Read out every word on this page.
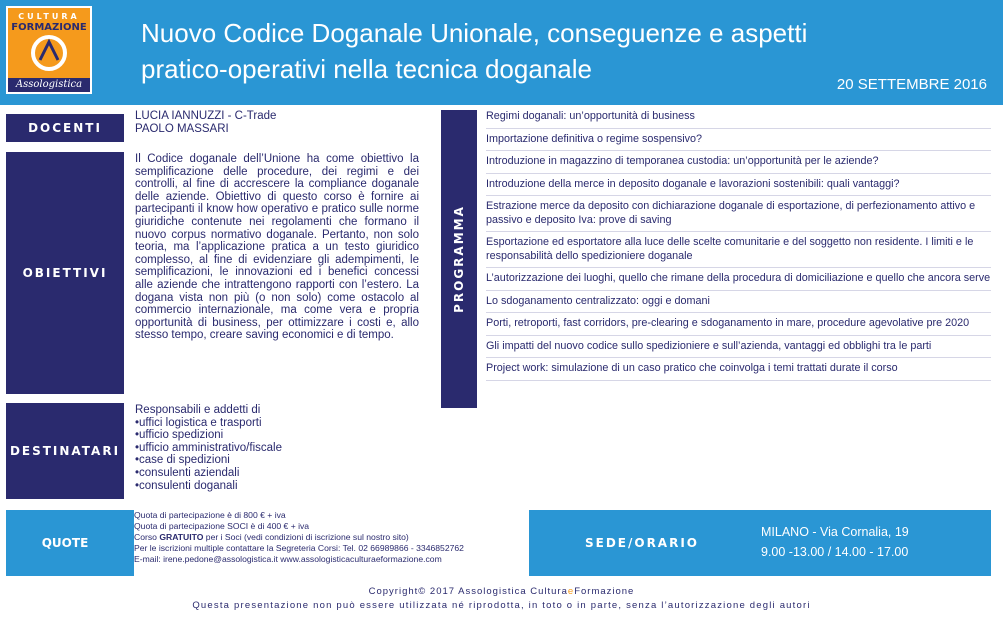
CULTURA
FORMAZIONE
Assologistica
Nuovo Codice Doganale Unionale, conseguenze e aspetti
pratico-operativi nella tecnica doganale
20 SETTEMBRE 2016
DOCENTI
LUCIA IANNUZZI - C-Trade
PAOLO MASSARI
OBIETTIVI
Il Codice doganale dell’Unione ha come obiettivo la semplificazione delle procedure, dei regimi e dei controlli, al fine di accrescere la compliance doganale delle aziende. Obiettivo di questo corso è fornire ai partecipanti il know how operativo e pratico sulle norme giuridiche contenute nei regolamenti che formano il nuovo corpus normativo doganale. Pertanto, non solo teoria, ma l’applicazione pratica a un testo giuridico complesso, al fine di evidenziare gli adempimenti, le semplificazioni, le innovazioni ed i benefici concessi alle aziende che intrattengono rapporti con l’estero. La dogana vista non più (o non solo) come ostacolo al commercio internazionale, ma come vera e propria opportunità di business, per ottimizzare i costi e, allo stesso tempo, creare saving economici e di tempo.
DESTINATARI
Responsabili e addetti di
• uffici logistica e trasporti
• ufficio spedizioni
• ufficio amministrativo/fiscale
• case di spedizioni
• consulenti aziendali
• consulenti doganali
PROGRAMMA
Regimi doganali: un’opportunità di business
Importazione definitiva o regime sospensivo?
Introduzione in magazzino di temporanea custodia: un’opportunità per le aziende?
Introduzione della merce in deposito doganale e lavorazioni sostenibili: quali vantaggi?
Estrazione merce da deposito con dichiarazione doganale di esportazione, di perfezionamento attivo e passivo e deposito Iva: prove di saving
Esportazione ed esportatore alla luce delle scelte comunitarie e del soggetto non residente. I limiti e le responsabilità dello spedizioniere doganale
L’autorizzazione dei luoghi, quello che rimane della procedura di domiciliazione e quello che ancora serve
Lo sdoganamento centralizzato: oggi e domani
Porti, retroporti, fast corridors, pre-clearing e sdoganamento in mare, procedure agevolative pre 2020
Gli impatti del nuovo codice sullo spedizioniere e sull’azienda, vantaggi ed obblighi tra le parti
Project work: simulazione di un caso pratico che coinvolga i temi trattati durate il corso
QUOTE
Quota di partecipazione è di 800 € + iva
Quota di partecipazione SOCI è di 400 € + iva
Corso GRATUITO per i Soci (vedi condizioni di iscrizione sul nostro sito)
Per le iscrizioni multiple contattare la Segreteria Corsi: Tel. 02 66989866 - 3346852762
E-mail: irene.pedone@assologistica.it www.assologisticacultura​eformazione.com
SEDE/ORARIO
MILANO - Via Cornalia, 19
9.00 -13.00 / 14.00 - 17.00
Copyright© 2017 Assologistica CulturaeFormazione
Questa presentazione non può essere utilizzata né riprodotta, in toto o in parte, senza l’autorizzazione degli autori
